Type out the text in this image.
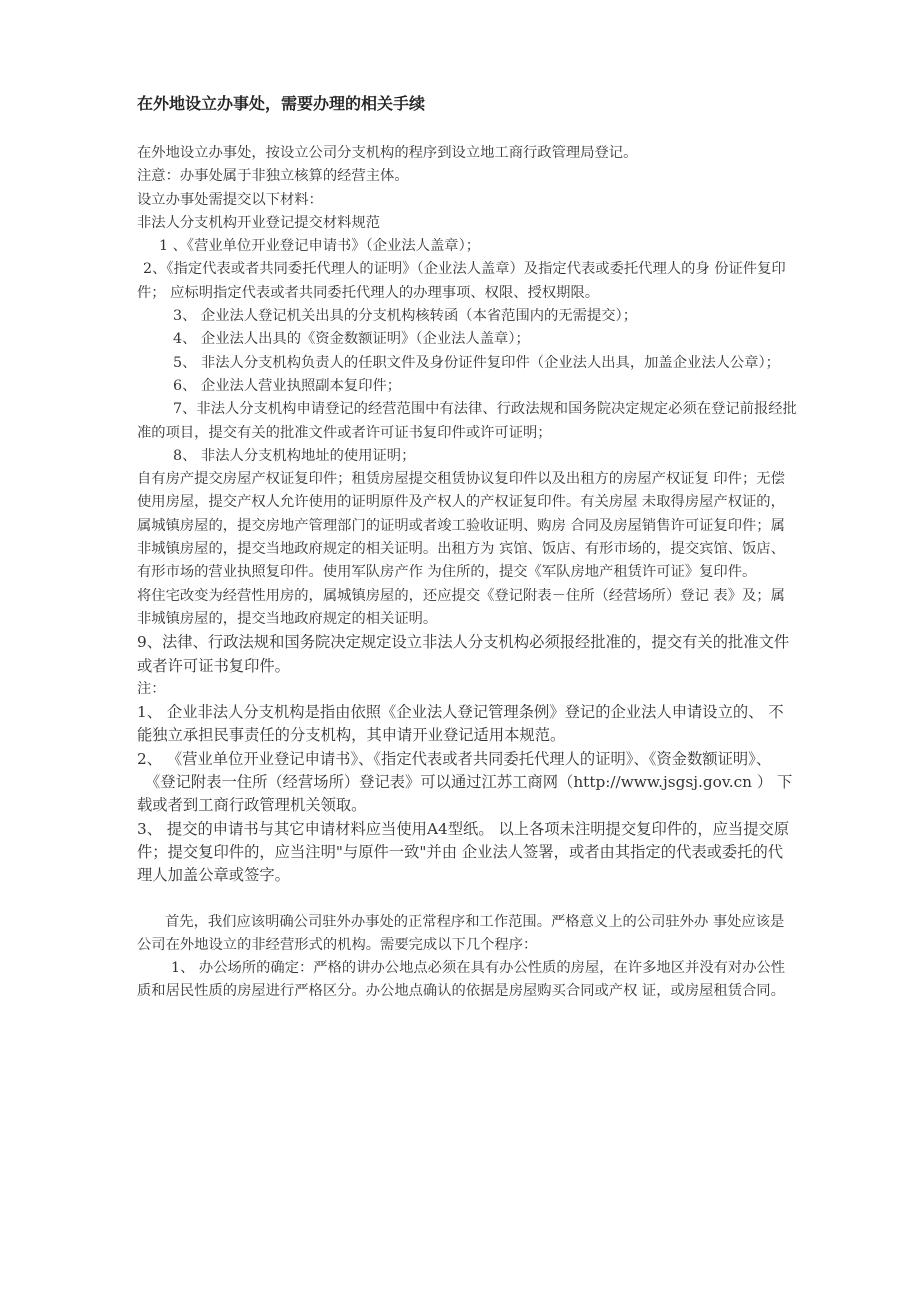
在外地设立办事处，需要办理的相关手续

在外地设立办事处，按设立公司分支机构的程序到设立地工商行政管理局登记。

注意：办事处属于非独立核算的经营主体。

设立办事处需提交以下材料：

非法人分支机构开业登记提交材料规范

1 、《营业单位开业登记申请书》（企业法人盖章）；

2、《指定代表或者共同委托代理人的证明》（企业法人盖章）及指定代表或委托代理人的身 份证件复印件； 应标明指定代表或者共同委托代理人的办理事项、权限、授权期限。

3、 企业法人登记机关出具的分支机构核转函（本省范围内的无需提交）；

4、 企业法人出具的《资金数额证明》（企业法人盖章）；

5、 非法人分支机构负责人的任职文件及身份证件复印件（企业法人出具，加盖企业法人公章）；

6、 企业法人营业执照副本复印件；

7、非法人分支机构申请登记的经营范围中有法律、行政法规和国务院决定规定必须在登记前报经批准的项目，提交有关的批准文件或者许可证书复印件或许可证明；

8、 非法人分支机构地址的使用证明；

自有房产提交房屋产权证复印件；租赁房屋提交租赁协议复印件以及出租方的房屋产权证复 印件；无偿使用房屋，提交产权人允许使用的证明原件及产权人的产权证复印件。有关房屋 未取得房屋产权证的，属城镇房屋的，提交房地产管理部门的证明或者竣工验收证明、购房 合同及房屋销售许可证复印件；属非城镇房屋的，提交当地政府规定的相关证明。出租方为 宾馆、饭店、有形市场的，提交宾馆、饭店、有形市场的营业执照复印件。使用军队房产作 为住所的，提交《军队房地产租赁许可证》复印件。

将住宅改变为经营性用房的，属城镇房屋的，还应提交《登记附表－住所（经营场所）登记 表》及；属非城镇房屋的，提交当地政府规定的相关证明。

9、法律、行政法规和国务院决定规定设立非法人分支机构必须报经批准的，提交有关的批准文件或者许可证书复印件。

注：

1、 企业非法人分支机构是指由依照《企业法人登记管理条例》登记的企业法人申请设立的、 不能独立承担民事责任的分支机构，其申请开业登记适用本规范。

2、 《营业单位开业登记申请书》、《指定代表或者共同委托代理人的证明》、《资金数额证明》、

《登记附表一住所（经营场所）登记表》可以通过江苏工商网（http://www.jsgsj.gov.cn ） 下载或者到工商行政管理机关领取。

3、 提交的申请书与其它申请材料应当使用A4型纸。 以上各项未注明提交复印件的，应当提交原件；提交复印件的，应当注明"与原件一致"并由 企业法人签署，或者由其指定的代表或委托的代理人加盖公章或签字。

首先，我们应该明确公司驻外办事处的正常程序和工作范围。严格意义上的公司驻外办 事处应该是公司在外地设立的非经营形式的机构。需要完成以下几个程序：

1、 办公场所的确定：严格的讲办公地点必须在具有办公性质的房屋，在许多地区并没有对办公性质和居民性质的房屋进行严格区分。办公地点确认的依据是房屋购买合同或产权 证，或房屋租赁合同。
